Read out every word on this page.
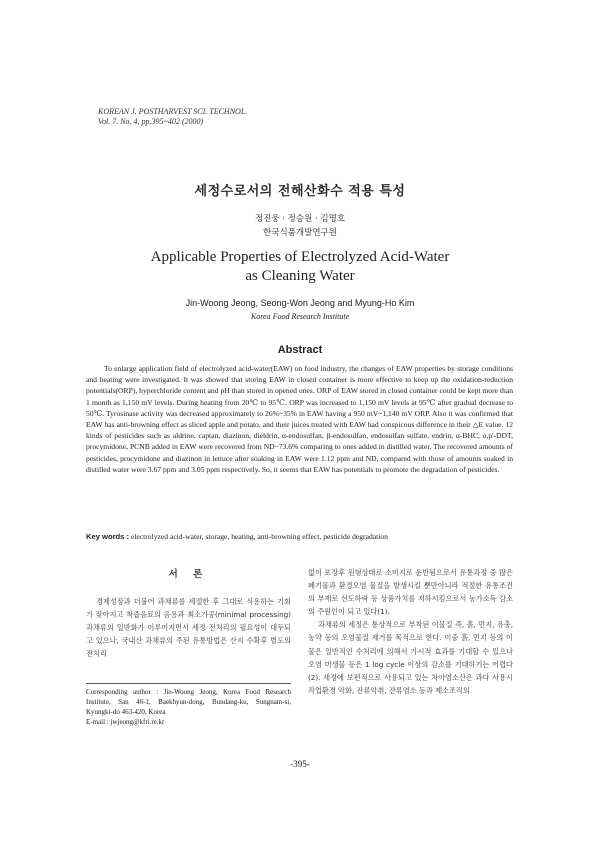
KOREAN J. POSTHARVEST SCI. TECHNOL.
Vol. 7. No. 4, pp.395~402 (2000)
세정수로서의 전해산화수 적용 특성
정진웅 · 정승원 · 김명호
한국식품개발연구원
Applicable Properties of Electrolyzed Acid-Water
as Cleaning Water
Jin-Woong Jeong, Seong-Won Jeong and Myung-Ho Kim
Korea Food Research Institute
Abstract
To enlarge application field of electrolyzed acid-water(EAW) on food industry, the changes of EAW properties by storage conditions and heating were investigated. It was showed that storing EAW in closed container is more effective to keep up the oxidation-reduction potentials(ORP), hyperchloride content and pH than stored in opened ones. ORP of EAW stored in closed container could be kept more than 1 month as 1,150 mV levels. During heating from 20℃ to 95℃, ORP was increased to 1,150 mV levels at 95℃ after gradual decrease to 50℃. Tyrosinase activity was decreased approximately to 26%~35% in EAW having a 950 mV~1,140 mV ORP. Also it was confirmed that EAW has anti-browning effect as sliced apple and potato, and their juices treated with EAW had conspicous difference in their △E value. 12 kinds of pesticides such as aldrine, captan, diazinon, dieldrin, α-endosulfan, β-endosulfan, endosulfan sulfate, endrin, α-BHC, o,p'-DDT, procymidone, PCNB added in EAW were recovered from ND~73.6% comparing to ones added in distilled water. The recovered amounts of pesticides, procymidone and diazinon in lettuce after soaking in EAW were 1.12 ppm and ND, compared with those of amounts soaked in distilled water were 3.67 ppm and 3.05 ppm respectively. So, it seems that EAW has potentials to promote the degradation of pesticides.
Key words : electrolyzed acid-water, storage, heating, anti-browning effect, pesticide degradation
서 론

경제성장과 더불어 과채류를 세절한 후 그대로 식용하는 기회가 잦아지고 착즙음료의 음용과 최소가공(minimal processing) 과채류의 일반화가 이루어지면서 세정 전처리의 필요성이 대두되고 있으나, 국내산 과채류의 주된 유통방법은 산지 수확후 별도의 전처리

없이 포장후 원형상태로 소비지로 운반됨으로서 유통과정 중 많은 폐기물과 환경오염 물질을 발생시킬 뿐만아니라 적절한 유통조건의 부재로 선도하락 등 상품가치를 저하시킴으로서 농가소득 감소의 주원인이 되고 있다(1).

과채류의 세정은 통상적으로 부착된 이물질 즉, 흙, 먼지, 유충, 농약 등의 오염물질 제거를 목적으로 한다. 이중 흙, 먼지 등의 이물은 일반적인 수처리에 의해서 가시적 효과를 기대할 수 있으나 오염 미생물 등은 1 log cycle 이상의 감소를 기대하기는 어렵다(2). 세정에 보편적으로 사용되고 있는 차아염소산은 과다 사용시 작업환경 악화, 잔류악취, 잔류염소 등과 제소조직의

Corresponding author : Jin-Woong Jeong, Korea Food Research Institute, San 46-1, Baekhyun-dong, Bundang-ku, Sungnam-si, Kyungki-do 463-420, Korea
E-mail : jwjeong@kfri.re.kr
-395-
